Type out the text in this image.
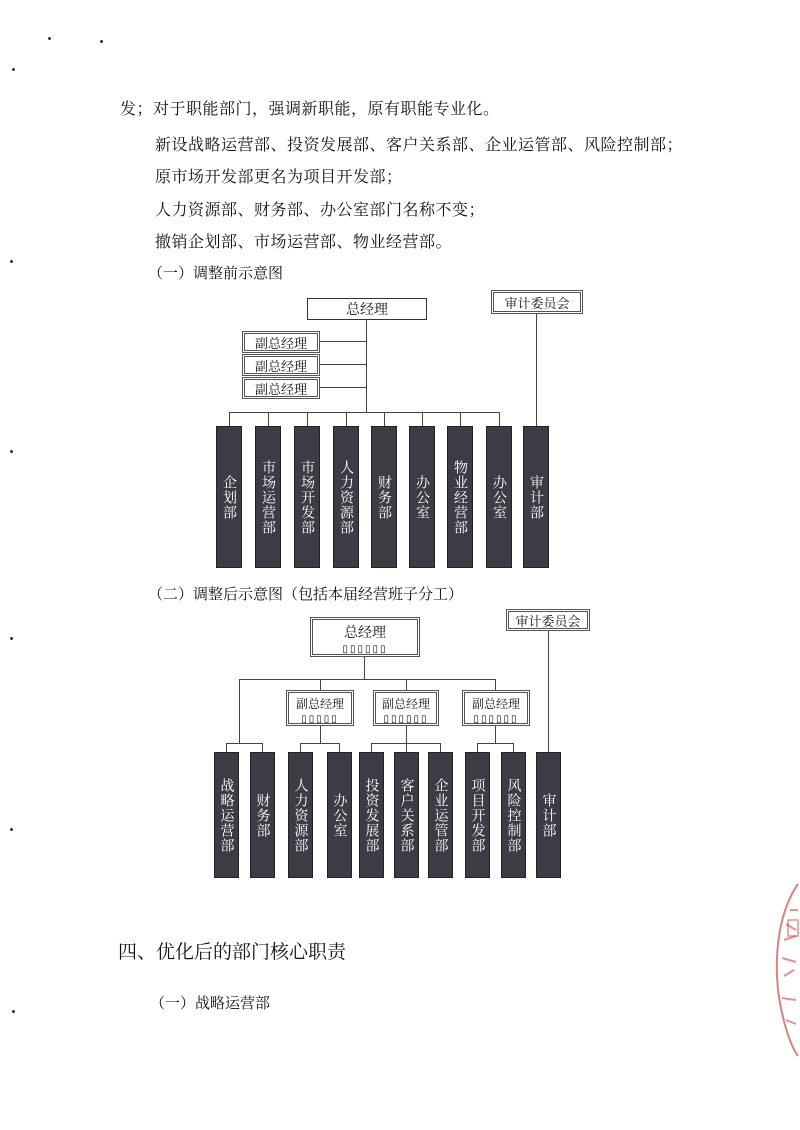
发；对于职能部门，强调新职能，原有职能专业化。
新设战略运营部、投资发展部、客户关系部、企业运管部、风险控制部；
原市场开发部更名为项目开发部；
人力资源部、财务部、办公室部门名称不变；
撤销企划部、市场运营部、物业经营部。
（一）调整前示意图
总经理	审计委员会
副总经理
副总经理
副总经理
企划部 市场运营部 市场开发部 人力资源部 财务部 办公室 物业经营部 办公室 审计部
（二）调整后示意图（包括本届经营班子分工）
总经理
▯▯▯▯▯▯
审计委员会
副总经理
▯▯▯▯▯
副总经理
▯▯▯▯▯▯
副总经理
▯▯▯▯▯▯
战略运营部 财务部 人力资源部 办公室 投资发展部 客户关系部 企业运管部 项目开发部 风险控制部 审计部
四、优化后的部门核心职责
（一）战略运营部
